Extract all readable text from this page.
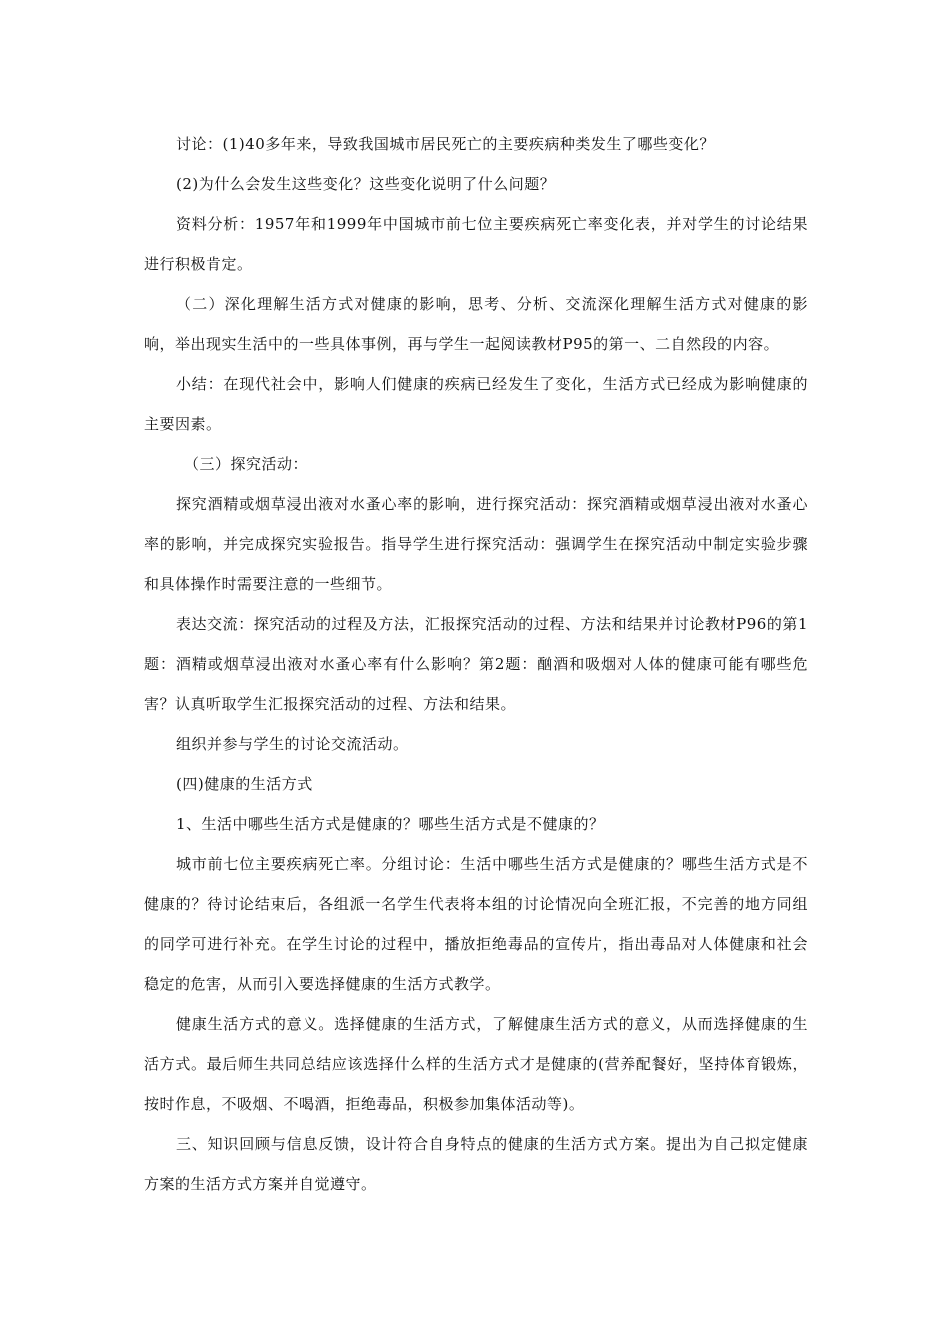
讨论：(1)40多年来，导致我国城市居民死亡的主要疾病种类发生了哪些变化？

(2)为什么会发生这些变化？这些变化说明了什么问题？

资料分析：1957年和1999年中国城市前七位主要疾病死亡率变化表，并对学生的讨论结果进行积极肯定。

（二）深化理解生活方式对健康的影响，思考、分析、交流深化理解生活方式对健康的影响，举出现实生活中的一些具体事例，再与学生一起阅读教材P95的第一、二自然段的内容。

小结：在现代社会中，影响人们健康的疾病已经发生了变化，生活方式已经成为影响健康的主要因素。

（三）探究活动：

探究酒精或烟草浸出液对水蚤心率的影响，进行探究活动：探究酒精或烟草浸出液对水蚤心率的影响，并完成探究实验报告。指导学生进行探究活动：强调学生在探究活动中制定实验步骤和具体操作时需要注意的一些细节。

表达交流：探究活动的过程及方法，汇报探究活动的过程、方法和结果并讨论教材P96的第1题：酒精或烟草浸出液对水蚤心率有什么影响？第2题：酗酒和吸烟对人体的健康可能有哪些危害？认真听取学生汇报探究活动的过程、方法和结果。

组织并参与学生的讨论交流活动。

(四)健康的生活方式

1、生活中哪些生活方式是健康的？哪些生活方式是不健康的？

城市前七位主要疾病死亡率。分组讨论：生活中哪些生活方式是健康的？哪些生活方式是不健康的？待讨论结束后，各组派一名学生代表将本组的讨论情况向全班汇报，不完善的地方同组的同学可进行补充。在学生讨论的过程中，播放拒绝毒品的宣传片，指出毒品对人体健康和社会稳定的危害，从而引入要选择健康的生活方式教学。

健康生活方式的意义。选择健康的生活方式，了解健康生活方式的意义，从而选择健康的生活方式。最后师生共同总结应该选择什么样的生活方式才是健康的(营养配餐好，坚持体育锻炼，按时作息，不吸烟、不喝酒，拒绝毒品，积极参加集体活动等)。

三、知识回顾与信息反馈，设计符合自身特点的健康的生活方式方案。提出为自己拟定健康方案的生活方式方案并自觉遵守。
